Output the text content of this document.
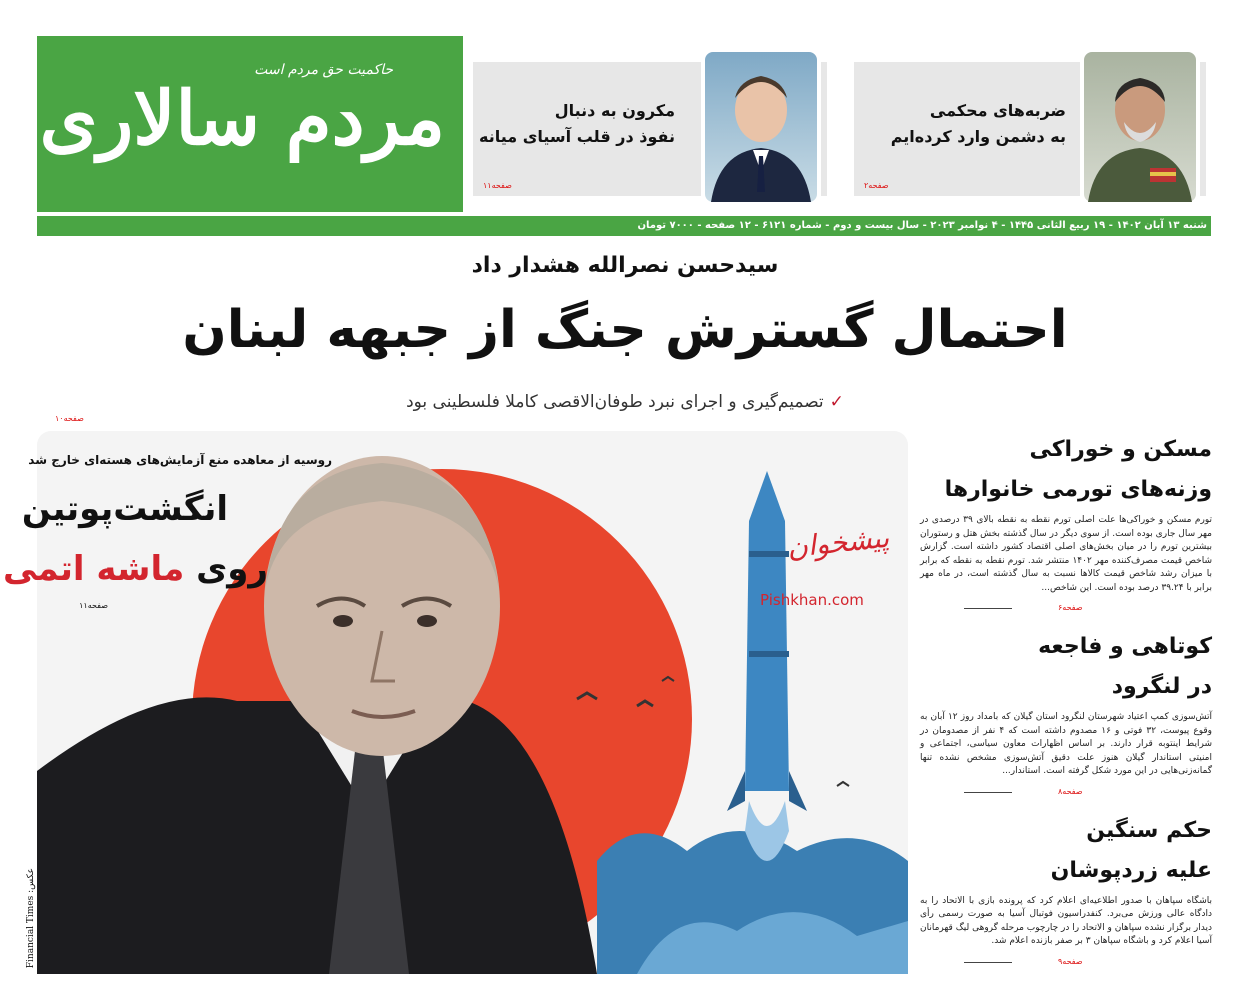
حاکمیت حق مردم است
مردم سالاری	مکرون به دنبال
نفوذ در قلب آسیای میانه
صفحه۱۱
ضربه‌های محکمی
به دشمن وارد کرده‌ایم
صفحه۲
شنبه ۱۳ آبان ۱۴۰۲ - ۱۹ ربیع الثانی ۱۴۴۵ - ۴ نوامبر ۲۰۲۳ - سال بیست و دوم - شماره ۶۱۲۱ - ۱۲ صفحه - ۷۰۰۰ تومان
سیدحسن نصرالله هشدار داد
احتمال گسترش جنگ از جبهه لبنان
✓تصمیم‌گیری و اجرای نبرد طوفان‌الاقصی کاملا فلسطینی بود
صفحه۱۰
روسیه از معاهده منع آزمایش‌های هسته‌ای خارج شد
انگشت‌پوتین
روی ماشه اتمی
صفحه۱۱
پیشخوان
Pishkhan.com
عکس: Financial Times
مسکن و خوراکی
وزنه‌های تورمی خانوارها

تورم مسکن و خوراکی‌ها علت اصلی تورم نقطه به نقطه بالای ۳۹ درصدی در مهر سال جاری بوده است. از سوی دیگر در سال گذشته بخش هتل و رستوران بیشترین تورم را در میان بخش‌های اصلی اقتصاد کشور داشته است. گزارش شاخص قیمت مصرف‌کننده مهر ۱۴۰۲ منتشر شد. تورم نقطه به نقطه که برابر با میزان رشد شاخص قیمت کالاها نسبت به سال گذشته است، در ماه مهر برابر با ۳۹.۲۴ درصد بوده است. این شاخص...

صفحه۶
کوتاهی و فاجعه
در لنگرود

آتش‌سوزی کمپ اعتیاد شهرستان لنگرود استان گیلان که بامداد روز ۱۲ آبان به وقوع پیوست، ۳۲ فوتی و ۱۶ مصدوم داشته است که ۴ نفر از مصدومان در شرایط اینتوبه قرار دارند. بر اساس اظهارات معاون سیاسی، اجتماعی و امنیتی استاندار گیلان هنوز علت دقیق آتش‌سوزی مشخص نشده تنها گمانه‌زنی‌هایی در این مورد شکل گرفته است. استاندار...

صفحه۸
حکم سنگین
علیه زردپوشان

باشگاه سپاهان با صدور اطلاعیه‌ای اعلام کرد که پرونده بازی با الاتحاد را به دادگاه عالی ورزش می‌برد. کنفدراسیون فوتبال آسیا به صورت رسمی رأی دیدار برگزار نشده سپاهان و الاتحاد را در چارچوب مرحله گروهی لیگ قهرمانان آسیا اعلام کرد و باشگاه سپاهان ۳ بر صفر بازنده اعلام شد.

صفحه۹
